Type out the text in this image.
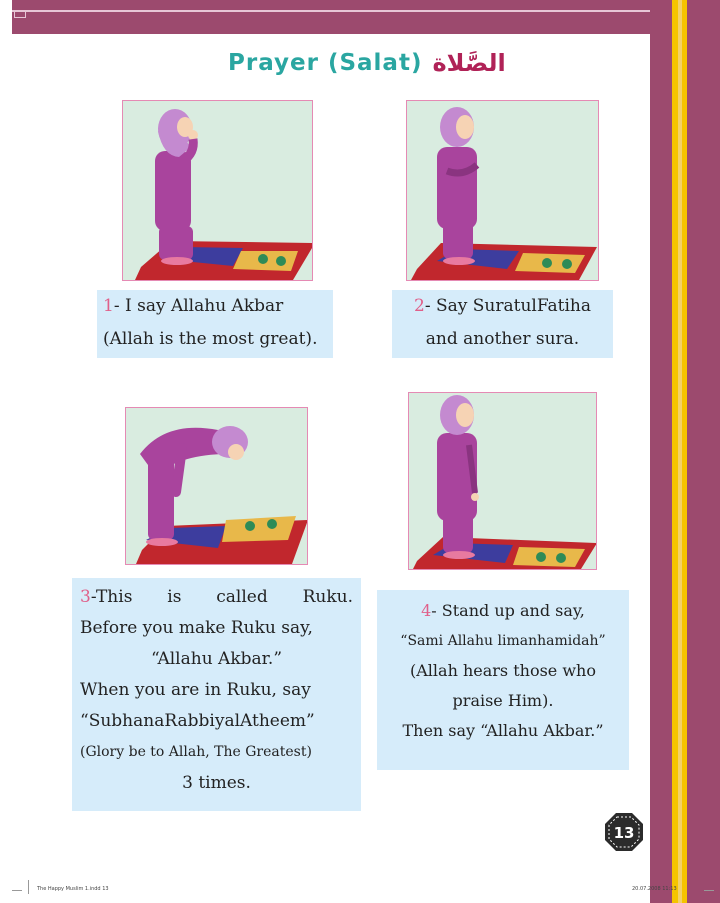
Prayer (Salat) الصَّلاة
1- I say Allahu Akbar
(Allah is the most great).
2- Say SuratulFatiha
and another sura.
3-This is called Ruku.
Before you make Ruku say,
“Allahu Akbar.”
When you are in Ruku, say
“SubhanaRabbiyalAtheem”
(Glory be to Allah, The Greatest)
3 times.
4- Stand up and say,
“Sami Allahu limanhamidah”
(Allah hears those who
praise Him).
Then say “Allahu Akbar.”
13
The Happy Muslim 1.indd 13	20.07.2008 11:13
